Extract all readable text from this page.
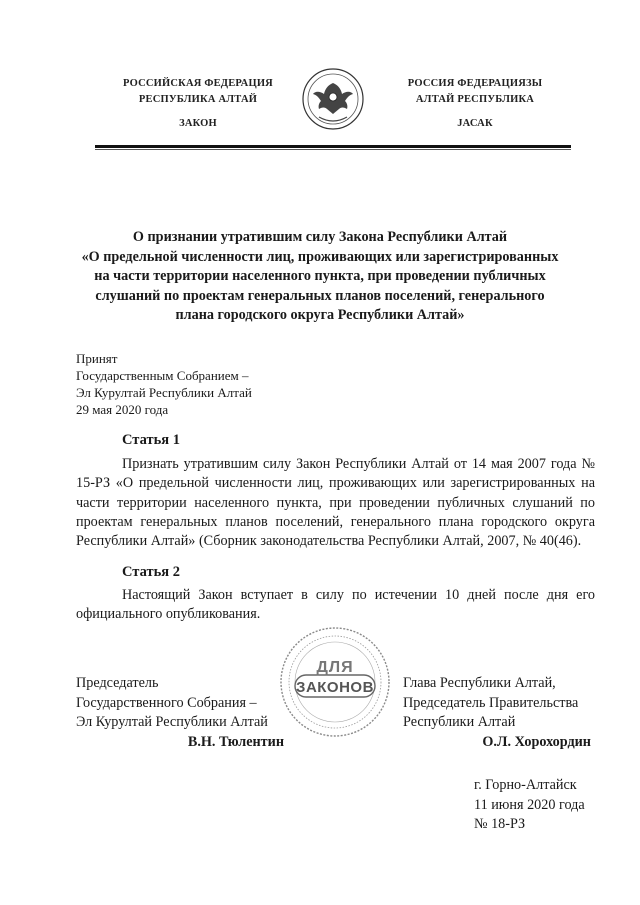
РОССИЙСКАЯ ФЕДЕРАЦИЯ
РЕСПУБЛИКА АЛТАЙ
ЗАКОН
РОССИЯ ФЕДЕРАЦИЯЗЫ
АЛТАЙ РЕСПУБЛИКА
JАСАК
О признании утратившим силу Закона Республики Алтай
«О предельной численности лиц, проживающих или зарегистрированных
на части территории населенного пункта, при проведении публичных
слушаний по проектам генеральных планов поселений, генерального
плана городского округа Республики Алтай»
Принят
Государственным Собранием –
Эл Курултай Республики Алтай
29 мая 2020 года
Статья 1
Признать утратившим силу Закон Республики Алтай от 14 мая 2007 года № 15-РЗ «О предельной численности лиц, проживающих или зарегистрированных на части территории населенного пункта, при проведении публичных слушаний по проектам генеральных планов поселений, генерального плана городского округа Республики Алтай» (Сборник законодательства Республики Алтай, 2007, № 40(46).
Статья 2
Настоящий Закон вступает в силу по истечении 10 дней после дня его официального опубликования.
ДЛЯ
ЗАКОНОВ
Председатель
Государственного Собрания –
Эл Курултай Республики Алтай
В.Н. Тюлентин
Глава Республики Алтай,
Председатель Правительства
Республики Алтай
О.Л. Хорохордин
г. Горно-Алтайск
11 июня 2020 года
№ 18-РЗ
